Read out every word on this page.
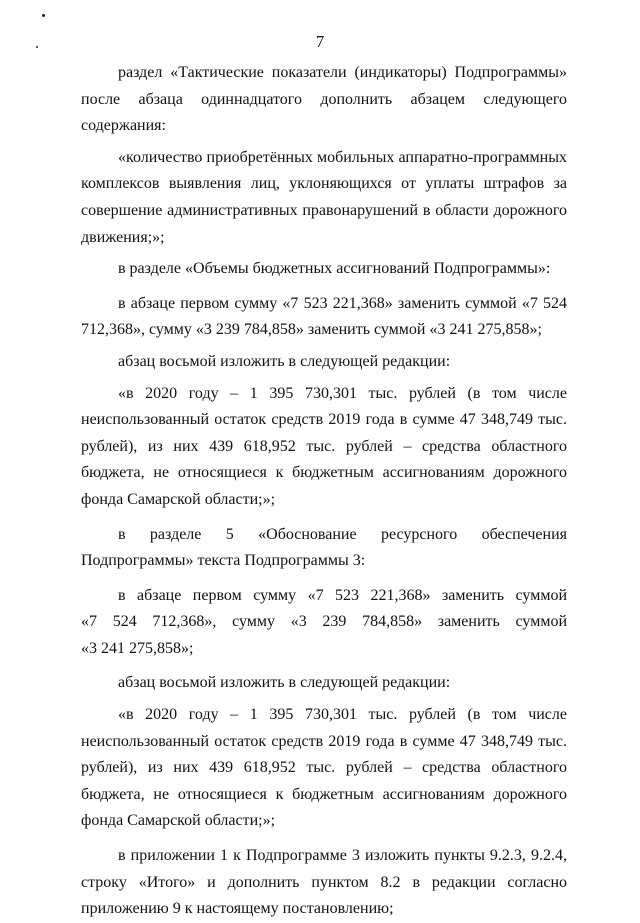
7

раздел «Тактические показатели (индикаторы) Подпрограммы» после абзаца одиннадцатого дополнить абзацем следующего содержания:

«количество приобретённых мобильных аппаратно-программных комплексов выявления лиц, уклоняющихся от уплаты штрафов за совершение административных правонарушений в области дорожного движения;»;

в разделе «Объемы бюджетных ассигнований Подпрограммы»:

в абзаце первом сумму «7 523 221,368» заменить суммой «7 524 712,368», сумму «3 239 784,858» заменить суммой «3 241 275,858»;

абзац восьмой изложить в следующей редакции:

«в 2020 году – 1 395 730,301 тыс. рублей (в том числе неиспользованный остаток средств 2019 года в сумме 47 348,749 тыс. рублей), из них 439 618,952 тыс. рублей – средства областного бюджета, не относящиеся к бюджетным ассигнованиям дорожного фонда Самарской области;»;

в разделе 5 «Обоснование ресурсного обеспечения Подпрограммы» текста Подпрограммы 3:

в абзаце первом сумму «7 523 221,368» заменить суммой

«7 524 712,368», сумму «3 239 784,858» заменить суммой

«3 241 275,858»;

абзац восьмой изложить в следующей редакции:

«в 2020 году – 1 395 730,301 тыс. рублей (в том числе неиспользованный остаток средств 2019 года в сумме 47 348,749 тыс. рублей), из них 439 618,952 тыс. рублей – средства областного бюджета, не относящиеся к бюджетным ассигнованиям дорожного фонда Самарской области;»;

в приложении 1 к Подпрограмме 3 изложить пункты 9.2.3, 9.2.4, строку «Итого» и дополнить пунктом 8.2 в редакции согласно приложению 9 к настоящему постановлению;
